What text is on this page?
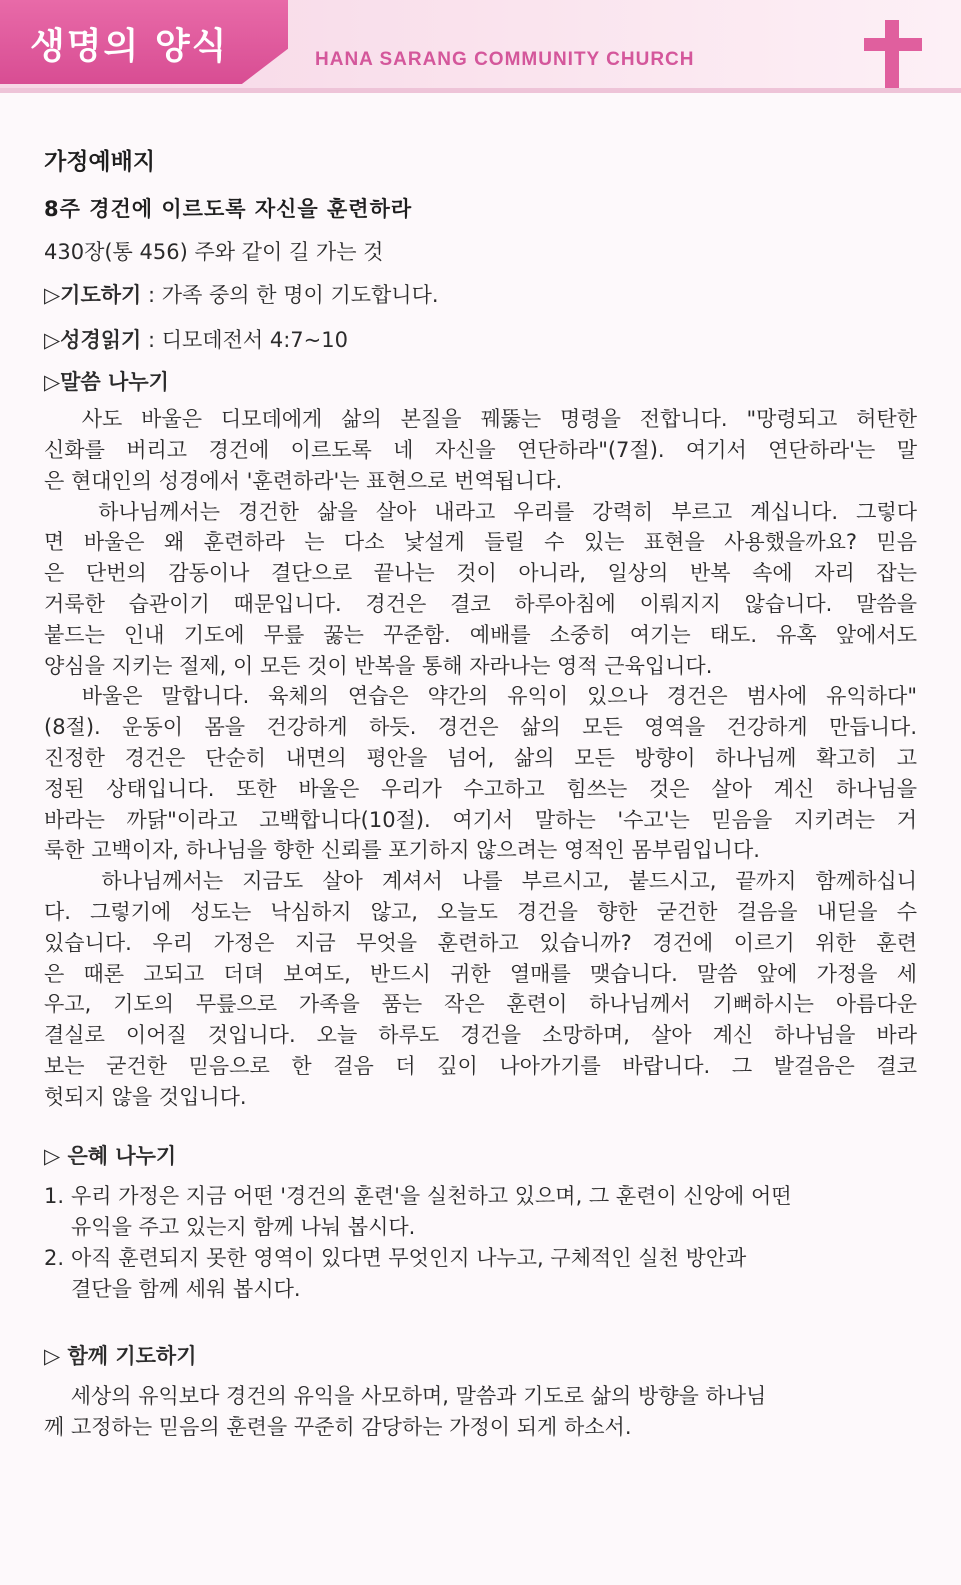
생명의 양식	HANA SARANG COMMUNITY CHURCH
가정예배지
8주 경건에 이르도록 자신을 훈련하라
430장(통 456) 주와 같이 길 가는 것
▷기도하기 : 가족 중의 한 명이 기도합니다.
▷성경읽기 : 디모데전서 4:7~10
▷말씀 나누기
사도 바울은 디모데에게 삶의 본질을 꿰뚫는 명령을 전합니다. "망령되고 허탄한
신화를 버리고 경건에 이르도록 네 자신을 연단하라"(7절). 여기서 연단하라'는 말
은 현대인의 성경에서 '훈련하라'는 표현으로 번역됩니다.
하나님께서는 경건한 삶을 살아 내라고 우리를 강력히 부르고 계십니다. 그렇다
면 바울은 왜 훈련하라 는 다소 낯설게 들릴 수 있는 표현을 사용했을까요? 믿음
은 단번의 감동이나 결단으로 끝나는 것이 아니라, 일상의 반복 속에 자리 잡는
거룩한 습관이기 때문입니다. 경건은 결코 하루아침에 이뤄지지 않습니다. 말씀을
붙드는 인내 기도에 무릎 꿇는 꾸준함. 예배를 소중히 여기는 태도. 유혹 앞에서도
양심을 지키는 절제, 이 모든 것이 반복을 통해 자라나는 영적 근육입니다.
바울은 말합니다. 육체의 연습은 약간의 유익이 있으나 경건은 범사에 유익하다"
(8절). 운동이 몸을 건강하게 하듯. 경건은 삶의 모든 영역을 건강하게 만듭니다.
진정한 경건은 단순히 내면의 평안을 넘어, 삶의 모든 방향이 하나님께 확고히 고
정된 상태입니다. 또한 바울은 우리가 수고하고 힘쓰는 것은 살아 계신 하나님을
바라는 까닭"이라고 고백합니다(10절). 여기서 말하는 '수고'는 믿음을 지키려는 거
룩한 고백이자, 하나님을 향한 신뢰를 포기하지 않으려는 영적인 몸부림입니다.
하나님께서는 지금도 살아 계셔서 나를 부르시고, 붙드시고, 끝까지 함께하십니
다. 그렇기에 성도는 낙심하지 않고, 오늘도 경건을 향한 굳건한 걸음을 내딛을 수
있습니다. 우리 가정은 지금 무엇을 훈련하고 있습니까? 경건에 이르기 위한 훈련
은 때론 고되고 더뎌 보여도, 반드시 귀한 열매를 맺습니다. 말씀 앞에 가정을 세
우고, 기도의 무릎으로 가족을 품는 작은 훈련이 하나님께서 기뻐하시는 아름다운
결실로 이어질 것입니다. 오늘 하루도 경건을 소망하며, 살아 계신 하나님을 바라
보는 굳건한 믿음으로 한 걸음 더 깊이 나아가기를 바랍니다. 그 발걸음은 결코
헛되지 않을 것입니다.
▷ 은혜 나누기
1. 우리 가정은 지금 어떤 '경건의 훈련'을 실천하고 있으며, 그 훈련이 신앙에 어떤
유익을 주고 있는지 함께 나눠 봅시다.
2. 아직 훈련되지 못한 영역이 있다면 무엇인지 나누고, 구체적인 실천 방안과
결단을 함께 세워 봅시다.
▷ 함께 기도하기
세상의 유익보다 경건의 유익을 사모하며, 말씀과 기도로 삶의 방향을 하나님
께 고정하는 믿음의 훈련을 꾸준히 감당하는 가정이 되게 하소서.
